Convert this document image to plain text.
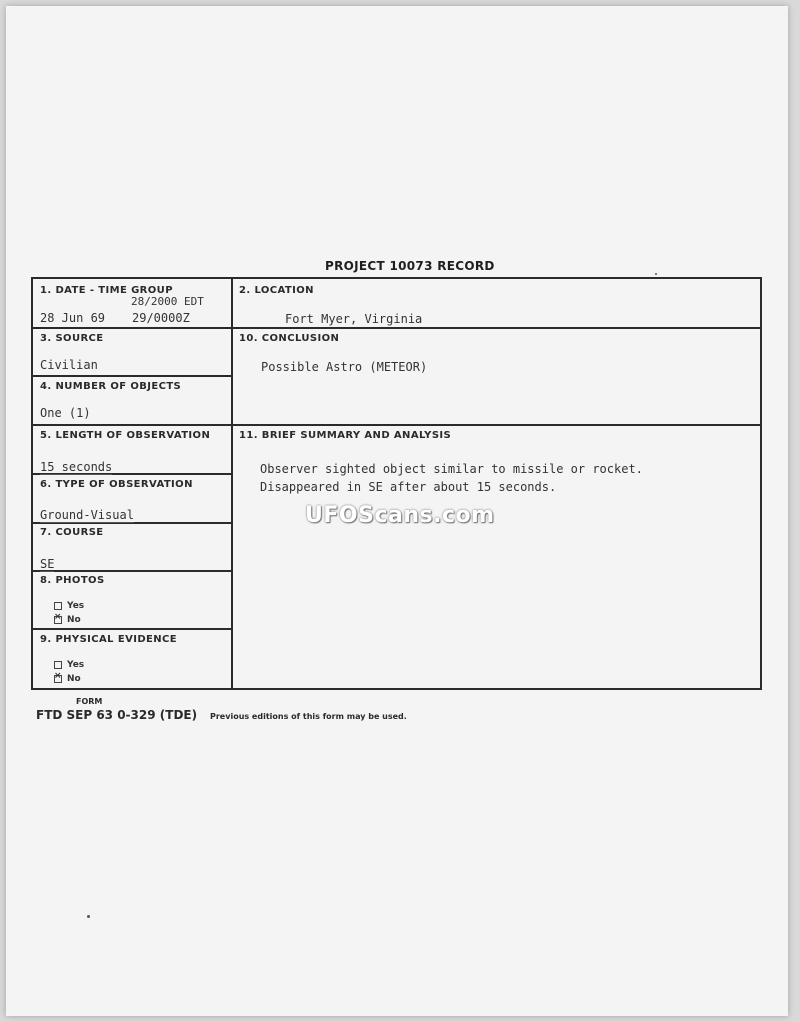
PROJECT 10073 RECORD
1. DATE - TIME GROUP
28/2000 EDT
28 Jun 69 29/0000Z
2. LOCATION
Fort Myer, Virginia
3. SOURCE
Civilian
10. CONCLUSION
Possible Astro (METEOR)
4. NUMBER OF OBJECTS
One (1)
5. LENGTH OF OBSERVATION
15 seconds
11. BRIEF SUMMARY AND ANALYSIS
Observer sighted object similar to missile or rocket.
Disappeared in SE after about 15 seconds.
6. TYPE OF OBSERVATION
Ground-Visual
7. COURSE
SE
8. PHOTOS
Yes
×No
9. PHYSICAL EVIDENCE
Yes
×No
FORM
FTD SEP 63 0-329 (TDE) Previous editions of this form may be used.
UFOScans.com
